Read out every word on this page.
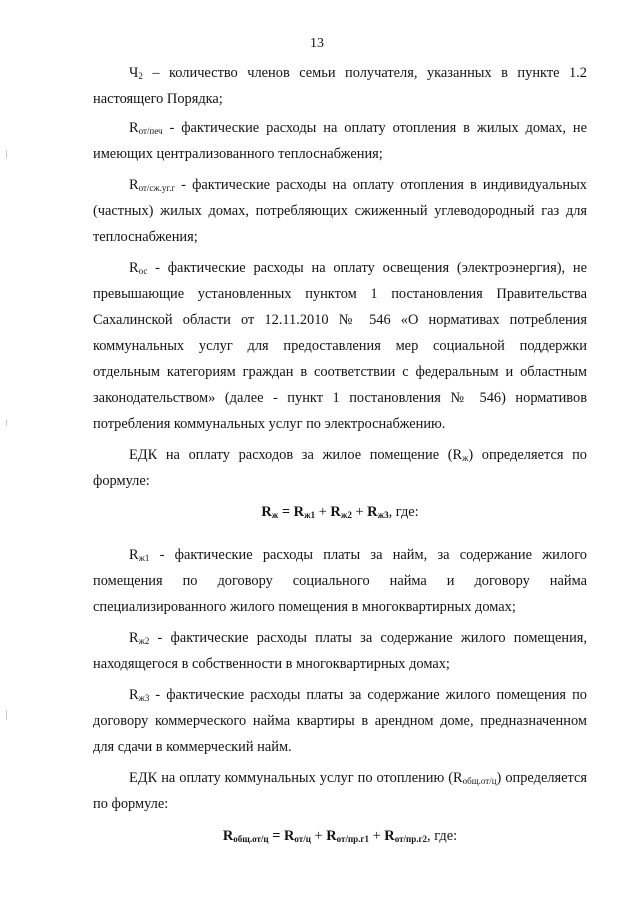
13

$Ч_2$ – количество членов семьи получателя, указанных в пункте 1.2 настоящего Порядка;

$R_{от/печ}$ - фактические расходы на оплату отопления в жилых домах, не имеющих централизованного теплоснабжения;

$R_{от/сж.уг.г}$ - фактические расходы на оплату отопления в индивидуальных (частных) жилых домах, потребляющих сжиженный углеводородный газ для теплоснабжения;

$R_{ос}$ - фактические расходы на оплату освещения (электроэнергия), не превышающие установленных пунктом 1 постановления Правительства Сахалинской области от 12.11.2010 № 546 «О нормативах потребления коммунальных услуг для предоставления мер социальной поддержки отдельным категориям граждан в соответствии с федеральным и областным законодательством» (далее - пункт 1 постановления № 546) нормативов потребления коммунальных услуг по электроснабжению.

ЕДК на оплату расходов за жилое помещение $(R_ж)$ определяется по формуле:

$R_ж = R_{ж1} + R_{ж2} + R_{ж3}$, где:

$R_{ж1}$ - фактические расходы платы за найм, за содержание жилого помещения по договору социального найма и договору найма специализированного жилого помещения в многоквартирных домах;

$R_{ж2}$ - фактические расходы платы за содержание жилого помещения, находящегося в собственности в многоквартирных домах;

$R_{ж3}$ - фактические расходы платы за содержание жилого помещения по договору коммерческого найма квартиры в арендном доме, предназначенном для сдачи в коммерческий найм.

ЕДК на оплату коммунальных услуг по отоплению $(R_{общ.от/ц})$ определяется по формуле:

$R_{общ.от/ц} = R_{от/ц} + R_{от/пр.г1} + R_{от/пр.г2}$, где:
